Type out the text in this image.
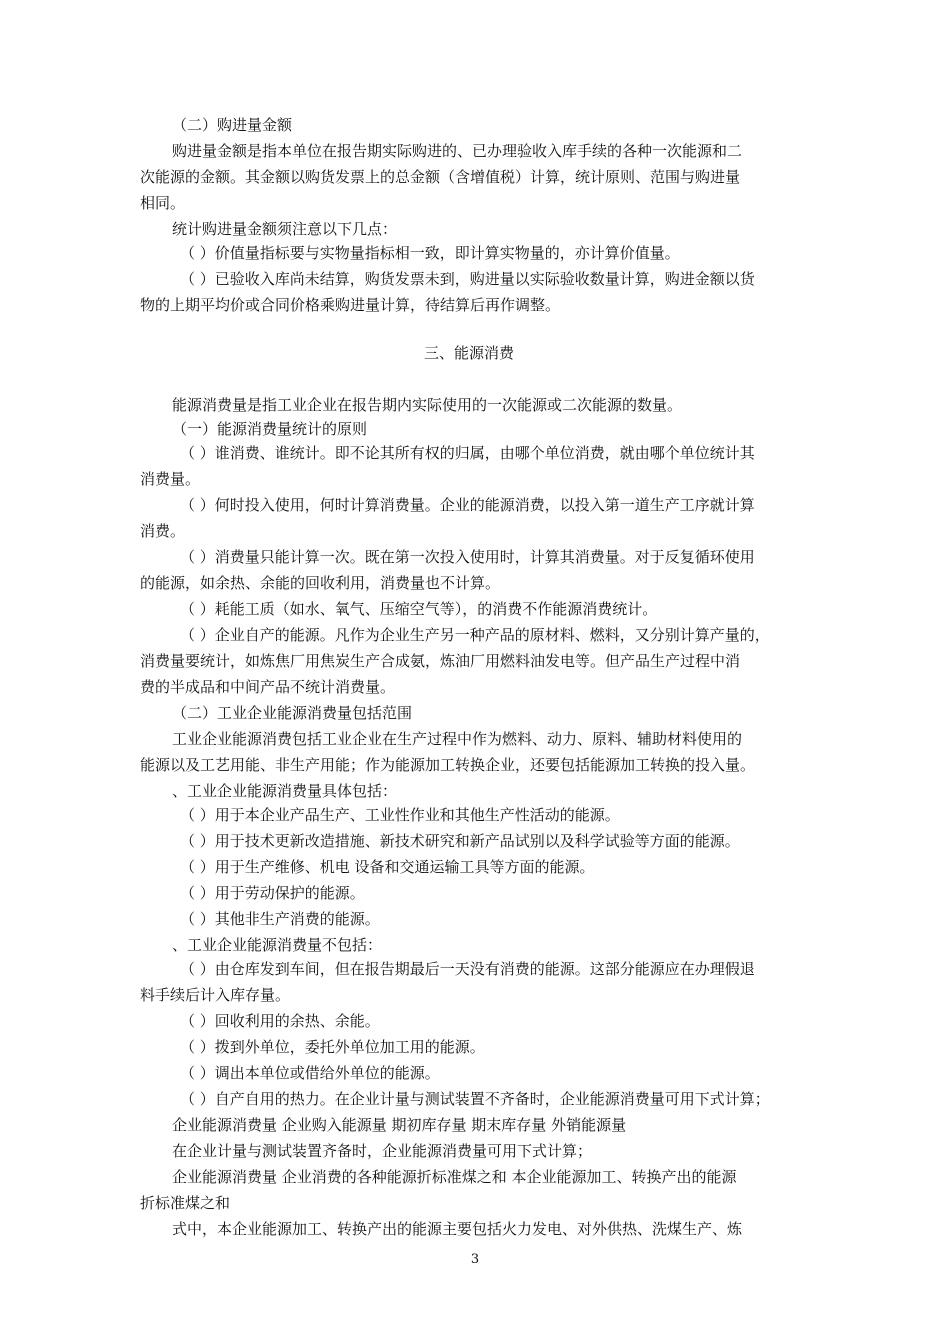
（二）购进量金额
购进量金额是指本单位在报告期实际购进的、已办理验收入库手续的各种一次能源和二
次能源的金额。其金额以购货发票上的总金额（含增值税）计算，统计原则、范围与购进量
相同。
统计购进量金额须注意以下几点：
（ ）价值量指标要与实物量指标相一致，即计算实物量的，亦计算价值量。
（ ）已验收入库尚未结算，购货发票未到，购进量以实际验收数量计算，购进金额以货
物的上期平均价或合同价格乘购进量计算，待结算后再作调整。
三、能源消费
能源消费量是指工业企业在报告期内实际使用的一次能源或二次能源的数量。
（一）能源消费量统计的原则
（ ）谁消费、谁统计。即不论其所有权的归属，由哪个单位消费，就由哪个单位统计其
消费量。
（ ）何时投入使用，何时计算消费量。企业的能源消费，以投入第一道生产工序就计算
消费。
（ ）消费量只能计算一次。既在第一次投入使用时，计算其消费量。对于反复循环使用
的能源，如余热、余能的回收利用，消费量也不计算。
（ ）耗能工质（如水、氧气、压缩空气等），的消费不作能源消费统计。
（ ）企业自产的能源。凡作为企业生产另一种产品的原材料、燃料，又分别计算产量的，
消费量要统计，如炼焦厂用焦炭生产合成氨，炼油厂用燃料油发电等。但产品生产过程中消
费的半成品和中间产品不统计消费量。
（二）工业企业能源消费量包括范围
工业企业能源消费包括工业企业在生产过程中作为燃料、动力、原料、辅助材料使用的
能源以及工艺用能、非生产用能；作为能源加工转换企业，还要包括能源加工转换的投入量。
、工业企业能源消费量具体包括：
（ ）用于本企业产品生产、工业性作业和其他生产性活动的能源。
（ ）用于技术更新改造措施、新技术研究和新产品试别以及科学试验等方面的能源。
（ ）用于生产维修、机电 设备和交通运输工具等方面的能源。
（ ）用于劳动保护的能源。
（ ）其他非生产消费的能源。
、工业企业能源消费量不包括：
（ ）由仓库发到车间，但在报告期最后一天没有消费的能源。这部分能源应在办理假退
料手续后计入库存量。
（ ）回收利用的余热、余能。
（ ）拨到外单位，委托外单位加工用的能源。
（ ）调出本单位或借给外单位的能源。
（ ）自产自用的热力。在企业计量与测试装置不齐备时，企业能源消费量可用下式计算；
企业能源消费量 企业购入能源量 期初库存量 期末库存量 外销能源量
在企业计量与测试装置齐备时，企业能源消费量可用下式计算；
企业能源消费量 企业消费的各种能源折标准煤之和 本企业能源加工、转换产出的能源
折标准煤之和
式中，本企业能源加工、转换产出的能源主要包括火力发电、对外供热、洗煤生产、炼
3
